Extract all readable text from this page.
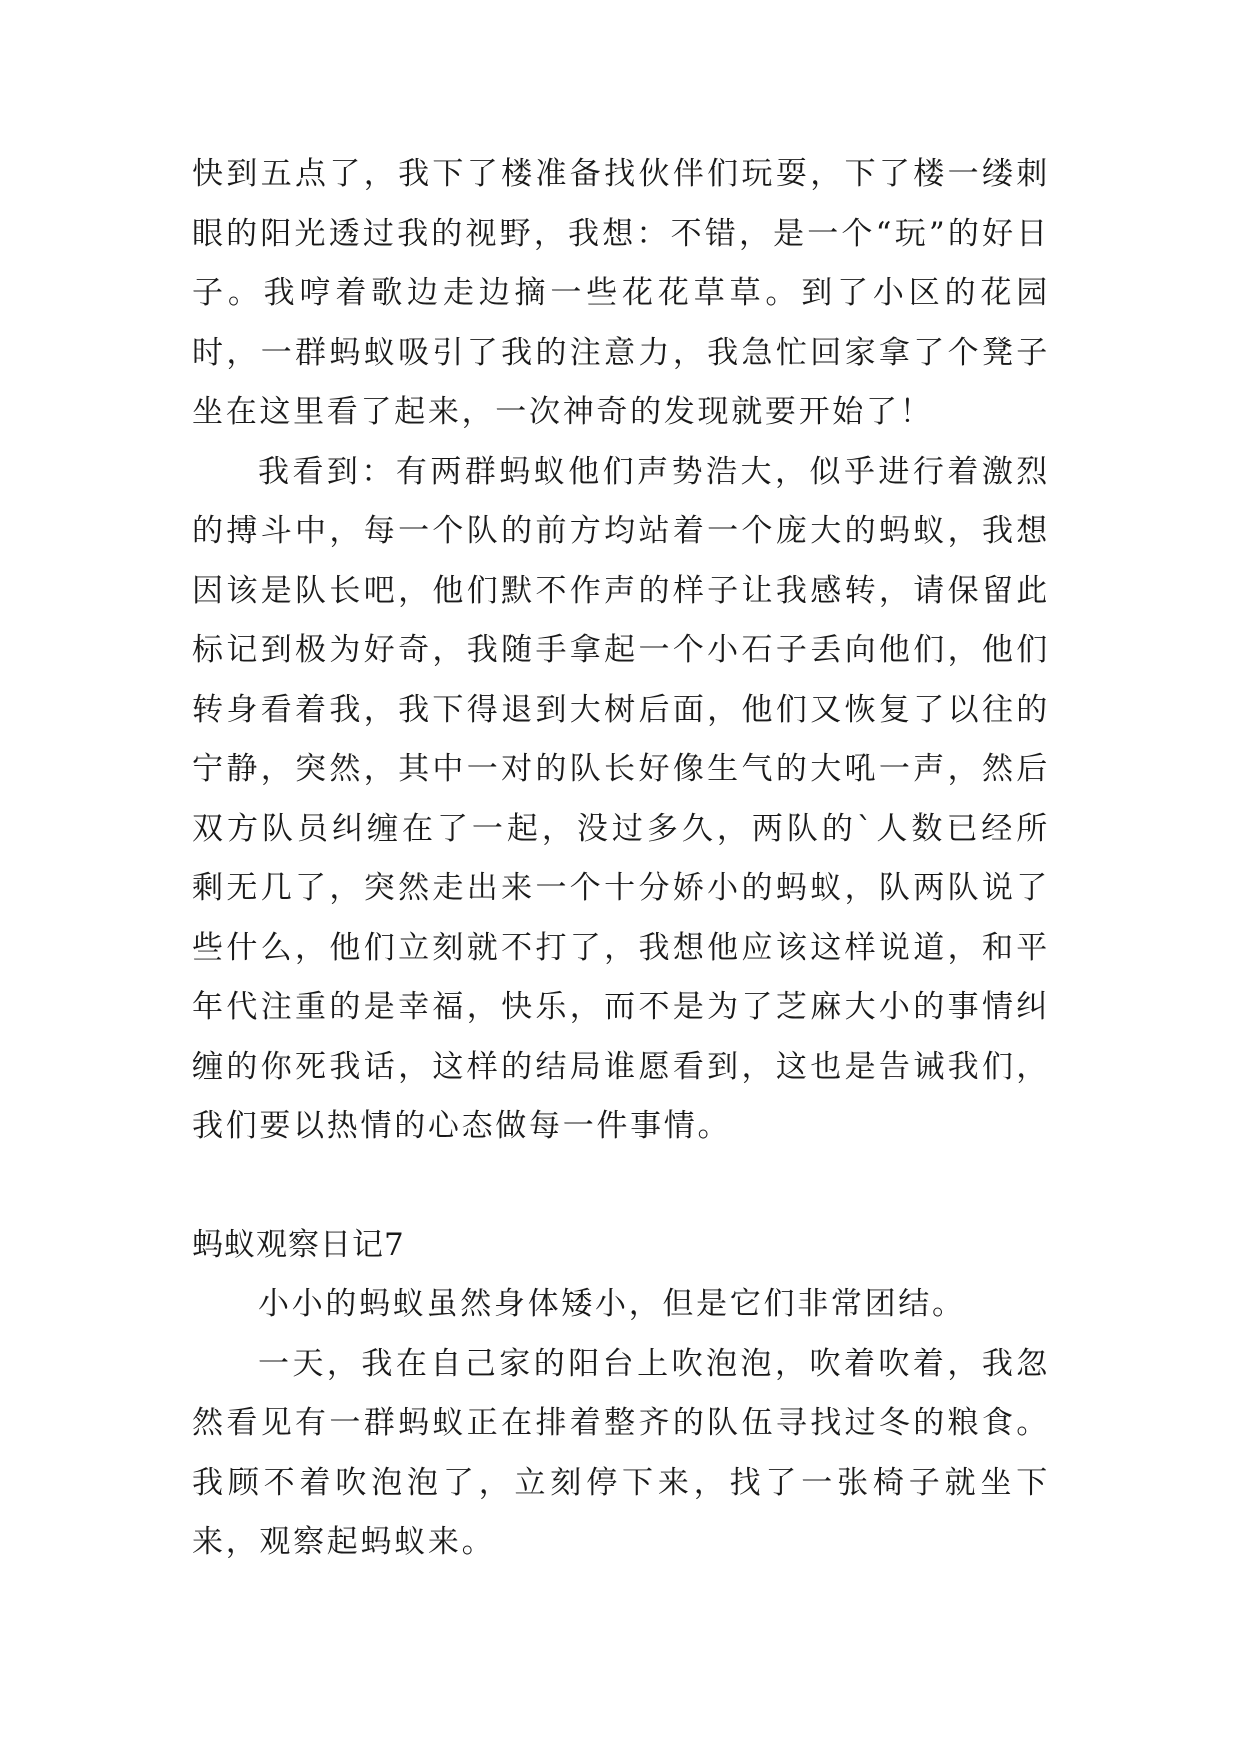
快到五点了，我下了楼准备找伙伴们玩耍，下了楼一缕刺眼的阳光透过我的视野，我想：不错，是一个“玩”的好日子。我哼着歌边走边摘一些花花草草。到了小区的花园时，一群蚂蚁吸引了我的注意力，我急忙回家拿了个凳子坐在这里看了起来，一次神奇的发现就要开始了！

我看到：有两群蚂蚁他们声势浩大，似乎进行着激烈的搏斗中，每一个队的前方均站着一个庞大的蚂蚁，我想因该是队长吧，他们默不作声的样子让我感转，请保留此标记到极为好奇，我随手拿起一个小石子丢向他们，他们转身看着我，我下得退到大树后面，他们又恢复了以往的宁静，突然，其中一对的队长好像生气的大吼一声，然后双方队员纠缠在了一起，没过多久，两队的`人数已经所剩无几了，突然走出来一个十分娇小的蚂蚁，队两队说了些什么，他们立刻就不打了，我想他应该这样说道，和平年代注重的是幸福，快乐，而不是为了芝麻大小的事情纠缠的你死我话，这样的结局谁愿看到，这也是告诫我们，我们要以热情的心态做每一件事情。

蚂蚁观察日记7

小小的蚂蚁虽然身体矮小，但是它们非常团结。

一天，我在自己家的阳台上吹泡泡，吹着吹着，我忽然看见有一群蚂蚁正在排着整齐的队伍寻找过冬的粮食。我顾不着吹泡泡了，立刻停下来，找了一张椅子就坐下来，观察起蚂蚁来。
